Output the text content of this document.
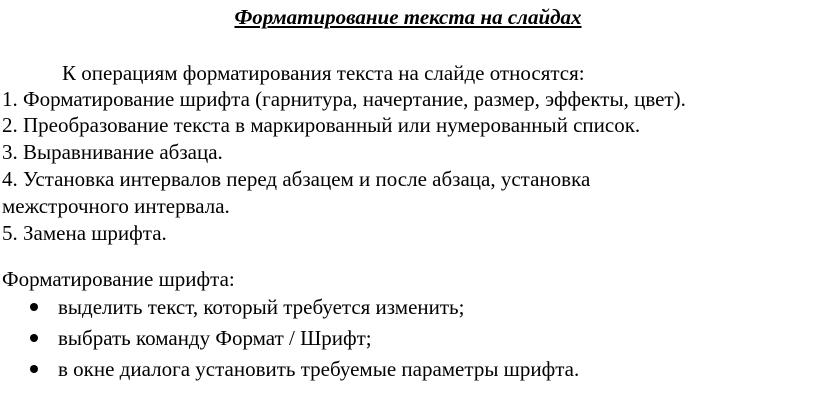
Форматирование текста на слайдах
К операциям форматирования текста на слайде относятся:
1. Форматирование шрифта (гарнитура, начертание, размер, эффекты, цвет).
2. Преобразование текста в маркированный или нумерованный список.
3. Выравнивание абзаца.
4. Установка интервалов перед абзацем и после абзаца, установка
межстрочного интервала.
5. Замена шрифта.
Форматирование шрифта:
выделить текст, который требуется изменить;
выбрать команду Формат / Шрифт;
в окне диалога установить требуемые параметры шрифта.
